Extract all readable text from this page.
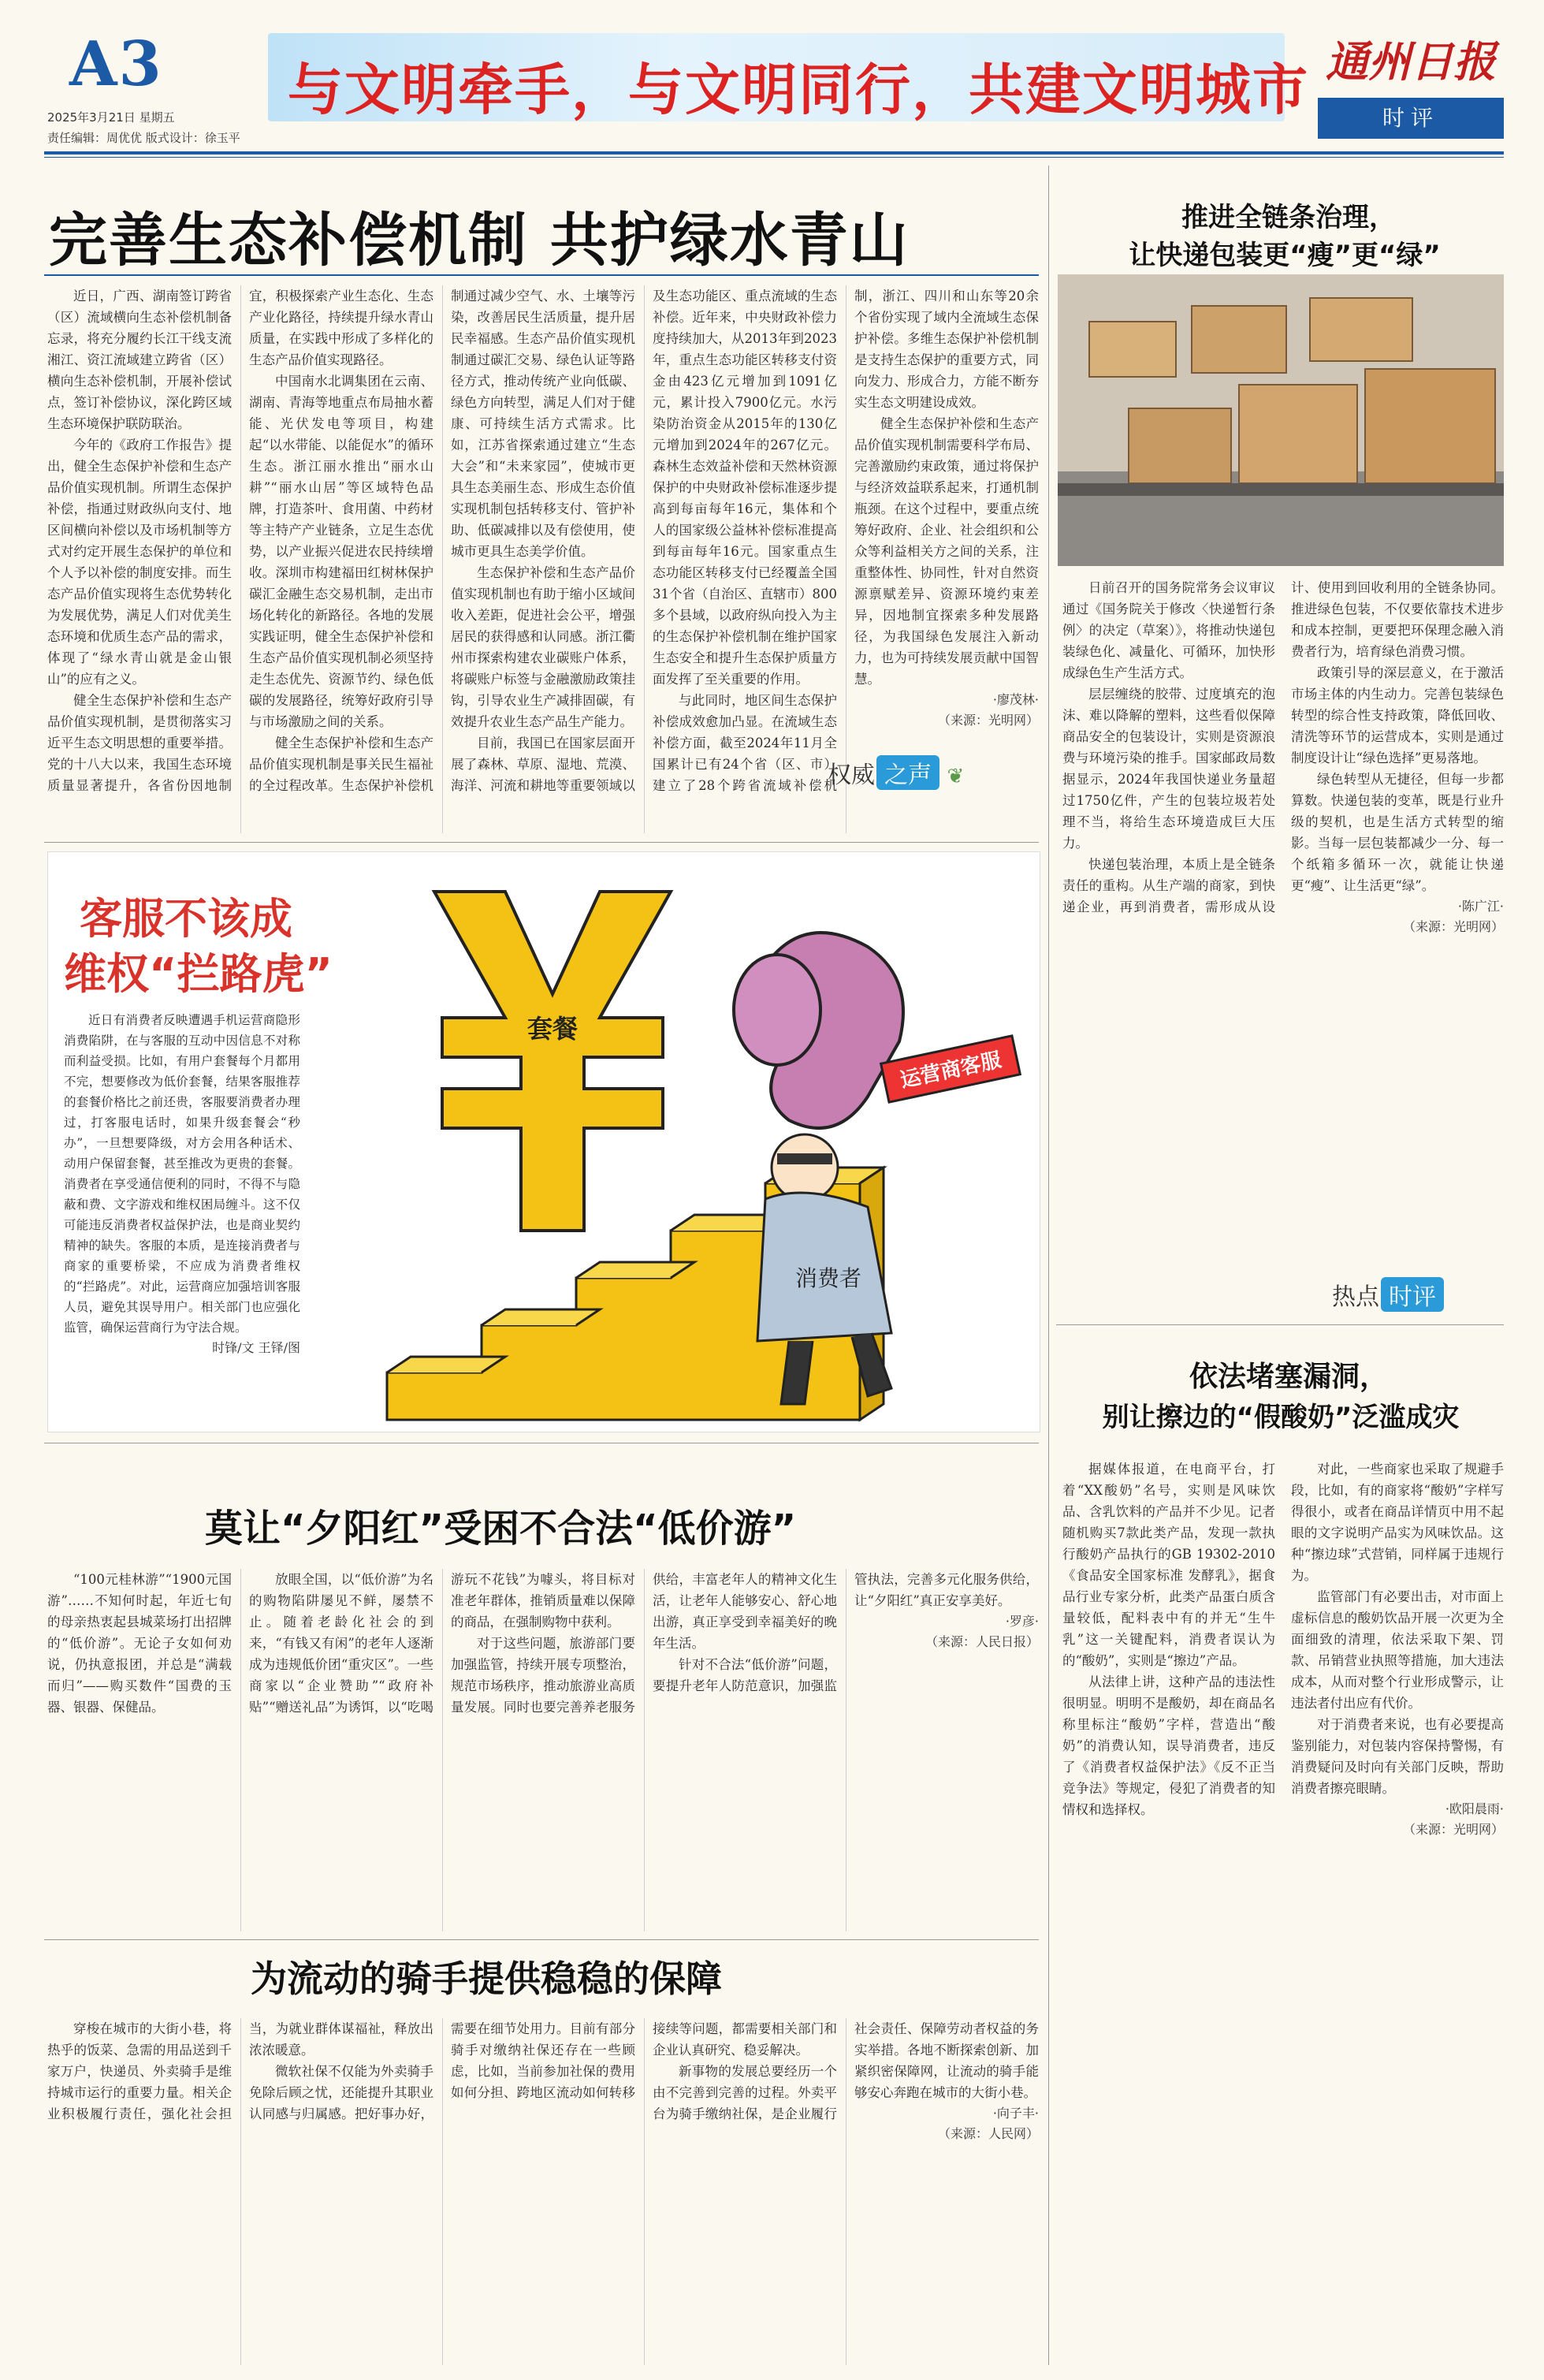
A3
2025年3月21日 星期五
责任编辑：周优优 版式设计：徐玉平
与文明牵手，与文明同行，共建文明城市 通州日报
时评
完善生态补偿机制 共护绿水青山

近日，广西、湖南签订跨省（区）流域横向生态补偿机制备忘录，将充分履约长江干线支流湘江、资江流域建立跨省（区）横向生态补偿机制，开展补偿试点，签订补偿协议，深化跨区域生态环境保护联防联治。

今年的《政府工作报告》提出，健全生态保护补偿和生态产品价值实现机制。所谓生态保护补偿，指通过财政纵向支付、地区间横向补偿以及市场机制等方式对约定开展生态保护的单位和个人予以补偿的制度安排。而生态产品价值实现将生态优势转化为发展优势，满足人们对优美生态环境和优质生态产品的需求，体现了“绿水青山就是金山银山”的应有之义。

健全生态保护补偿和生态产品价值实现机制，是贯彻落实习近平生态文明思想的重要举措。党的十八大以来，我国生态环境质量显著提升，各省份因地制宜，积极探索产业生态化、生态产业化路径，持续提升绿水青山质量，在实践中形成了多样化的生态产品价值实现路径。

中国南水北调集团在云南、湖南、青海等地重点布局抽水蓄能、光伏发电等项目，构建起“以水带能、以能促水”的循环生态。浙江丽水推出“丽水山耕”“丽水山居”等区域特色品牌，打造茶叶、食用菌、中药材等主特产产业链条，立足生态优势，以产业振兴促进农民持续增收。深圳市构建福田红树林保护碳汇金融生态交易机制，走出市场化转化的新路径。各地的发展实践证明，健全生态保护补偿和生态产品价值实现机制必须坚持走生态优先、资源节约、绿色低碳的发展路径，统筹好政府引导与市场激励之间的关系。

健全生态保护补偿和生态产品价值实现机制是事关民生福祉的全过程改革。生态保护补偿机制通过减少空气、水、土壤等污染，改善居民生活质量，提升居民幸福感。生态产品价值实现机制通过碳汇交易、绿色认证等路径方式，推动传统产业向低碳、绿色方向转型，满足人们对于健康、可持续生活方式需求。比如，江苏省探索通过建立“生态大会”和“未来家园”，使城市更具生态美丽生态、形成生态价值实现机制包括转移支付、管护补助、低碳减排以及有偿使用，使城市更具生态美学价值。

生态保护补偿和生态产品价值实现机制也有助于缩小区域间收入差距，促进社会公平，增强居民的获得感和认同感。浙江衢州市探索构建农业碳账户体系，将碳账户标签与金融激励政策挂钩，引导农业生产减排固碳，有效提升农业生态产品生产能力。

目前，我国已在国家层面开展了森林、草原、湿地、荒漠、海洋、河流和耕地等重要领域以及生态功能区、重点流域的生态补偿。近年来，中央财政补偿力度持续加大，从2013年到2023年，重点生态功能区转移支付资金由423亿元增加到1091亿元，累计投入7900亿元。水污染防治资金从2015年的130亿元增加到2024年的267亿元。森林生态效益补偿和天然林资源保护的中央财政补偿标准逐步提高到每亩每年16元，集体和个人的国家级公益林补偿标准提高到每亩每年16元。国家重点生态功能区转移支付已经覆盖全国31个省（自治区、直辖市）800多个县域，以政府纵向投入为主的生态保护补偿机制在维护国家生态安全和提升生态保护质量方面发挥了至关重要的作用。

与此同时，地区间生态保护补偿成效愈加凸显。在流域生态补偿方面，截至2024年11月全国累计已有24个省（区、市）建立了28个跨省流域补偿机制，浙江、四川和山东等20余个省份实现了域内全流域生态保护补偿。多维生态保护补偿机制是支持生态保护的重要方式，同向发力、形成合力，方能不断夯实生态文明建设成效。

健全生态保护补偿和生态产品价值实现机制需要科学布局、完善激励约束政策，通过将保护与经济效益联系起来，打通机制瓶颈。在这个过程中，要重点统筹好政府、企业、社会组织和公众等利益相关方之间的关系，注重整体性、协同性，针对自然资源禀赋差异、资源环境约束差异，因地制宜探索多种发展路径，为我国绿色发展注入新动力，也为可持续发展贡献中国智慧。

·廖茂林·
（来源：光明网）
权威 之声 ❦
客服不该成
维权“拦路虎”

近日有消费者反映遭遇手机运营商隐形消费陷阱，在与客服的互动中因信息不对称而利益受损。比如，有用户套餐每个月都用不完，想要修改为低价套餐，结果客服推荐的套餐价格比之前还贵，客服要消费者办理过，打客服电话时，如果升级套餐会“秒办”，一旦想要降级，对方会用各种话术、动用户保留套餐，甚至推改为更贵的套餐。消费者在享受通信便利的同时，不得不与隐蔽和费、文字游戏和维权困局缠斗。这不仅可能违反消费者权益保护法，也是商业契约精神的缺失。客服的本质，是连接消费者与商家的重要桥梁，不应成为消费者维权的“拦路虎”。对此，运营商应加强培训客服人员，避免其误导用户。相关部门也应强化监管，确保运营商行为守法合规。

时锋/文 王铎/图
套餐
运营商客服
消费者
推进全链条治理，
让快递包装更“瘦”更“绿”

日前召开的国务院常务会议审议通过《国务院关于修改〈快递暂行条例〉的决定（草案）》，将推动快递包装绿色化、减量化、可循环，加快形成绿色生产生活方式。

层层缠绕的胶带、过度填充的泡沫、难以降解的塑料，这些看似保障商品安全的包装设计，实则是资源浪费与环境污染的推手。国家邮政局数据显示，2024年我国快递业务量超过1750亿件，产生的包装垃圾若处理不当，将给生态环境造成巨大压力。

快递包装治理，本质上是全链条责任的重构。从生产端的商家，到快递企业，再到消费者，需形成从设计、使用到回收利用的全链条协同。推进绿色包装，不仅要依靠技术进步和成本控制，更要把环保理念融入消费者行为，培育绿色消费习惯。

政策引导的深层意义，在于激活市场主体的内生动力。完善包装绿色转型的综合性支持政策，降低回收、清洗等环节的运营成本，实则是通过制度设计让“绿色选择”更易落地。

绿色转型从无捷径，但每一步都算数。快递包装的变革，既是行业升级的契机，也是生活方式转型的缩影。当每一层包装都减少一分、每一个纸箱多循环一次，就能让快递更“瘦”、让生活更“绿”。

·陈广江·
（来源：光明网）
热点 时评
依法堵塞漏洞，
别让擦边的“假酸奶”泛滥成灾

据媒体报道，在电商平台，打着“XX酸奶”名号，实则是风味饮品、含乳饮料的产品并不少见。记者随机购买7款此类产品，发现一款执行酸奶产品执行的GB 19302-2010《食品安全国家标准 发酵乳》，据食品行业专家分析，此类产品蛋白质含量较低，配料表中有的并无“生牛乳”这一关键配料，消费者误认为的“酸奶”，实则是“擦边”产品。

从法律上讲，这种产品的违法性很明显。明明不是酸奶，却在商品名称里标注“酸奶”字样，营造出“酸奶”的消费认知，误导消费者，违反了《消费者权益保护法》《反不正当竞争法》等规定，侵犯了消费者的知情权和选择权。

对此，一些商家也采取了规避手段，比如，有的商家将“酸奶”字样写得很小，或者在商品详情页中用不起眼的文字说明产品实为风味饮品。这种“擦边球”式营销，同样属于违规行为。

监管部门有必要出击，对市面上虚标信息的酸奶饮品开展一次更为全面细致的清理，依法采取下架、罚款、吊销营业执照等措施，加大违法成本，从而对整个行业形成警示，让违法者付出应有代价。

对于消费者来说，也有必要提高鉴别能力，对包装内容保持警惕，有消费疑问及时向有关部门反映，帮助消费者擦亮眼睛。

·欧阳晨雨·
（来源：光明网）
莫让“夕阳红”受困不合法“低价游”

“100元桂林游”“1900元国游”……不知何时起，年近七旬的母亲热衷起县城菜场打出招牌的“低价游”。无论子女如何劝说，仍执意报团，并总是“满载而归”——购买数件“国费的玉器、银器、保健品。

放眼全国，以“低价游”为名的购物陷阱屡见不鲜，屡禁不止。随着老龄化社会的到来，“有钱又有闲”的老年人逐渐成为违规低价团“重灾区”。一些商家以“企业赞助”“政府补贴”“赠送礼品”为诱饵，以“吃喝游玩不花钱”为噱头，将目标对准老年群体，推销质量难以保障的商品，在强制购物中获利。

对于这些问题，旅游部门要加强监管，持续开展专项整治，规范市场秩序，推动旅游业高质量发展。同时也要完善养老服务供给，丰富老年人的精神文化生活，让老年人能够安心、舒心地出游，真正享受到幸福美好的晚年生活。

针对不合法“低价游”问题，要提升老年人防范意识，加强监管执法，完善多元化服务供给，让“夕阳红”真正安享美好。

·罗彦·
（来源：人民日报）
为流动的骑手提供稳稳的保障

穿梭在城市的大街小巷，将热乎的饭菜、急需的用品送到千家万户，快递员、外卖骑手是维持城市运行的重要力量。相关企业积极履行责任，强化社会担当，为就业群体谋福祉，释放出浓浓暖意。

微软社保不仅能为外卖骑手免除后顾之忧，还能提升其职业认同感与归属感。把好事办好，需要在细节处用力。目前有部分骑手对缴纳社保还存在一些顾虑，比如，当前参加社保的费用如何分担、跨地区流动如何转移接续等问题，都需要相关部门和企业认真研究、稳妥解决。

新事物的发展总要经历一个由不完善到完善的过程。外卖平台为骑手缴纳社保，是企业履行社会责任、保障劳动者权益的务实举措。各地不断探索创新、加紧织密保障网，让流动的骑手能够安心奔跑在城市的大街小巷。

·向子丰·
（来源：人民网）
